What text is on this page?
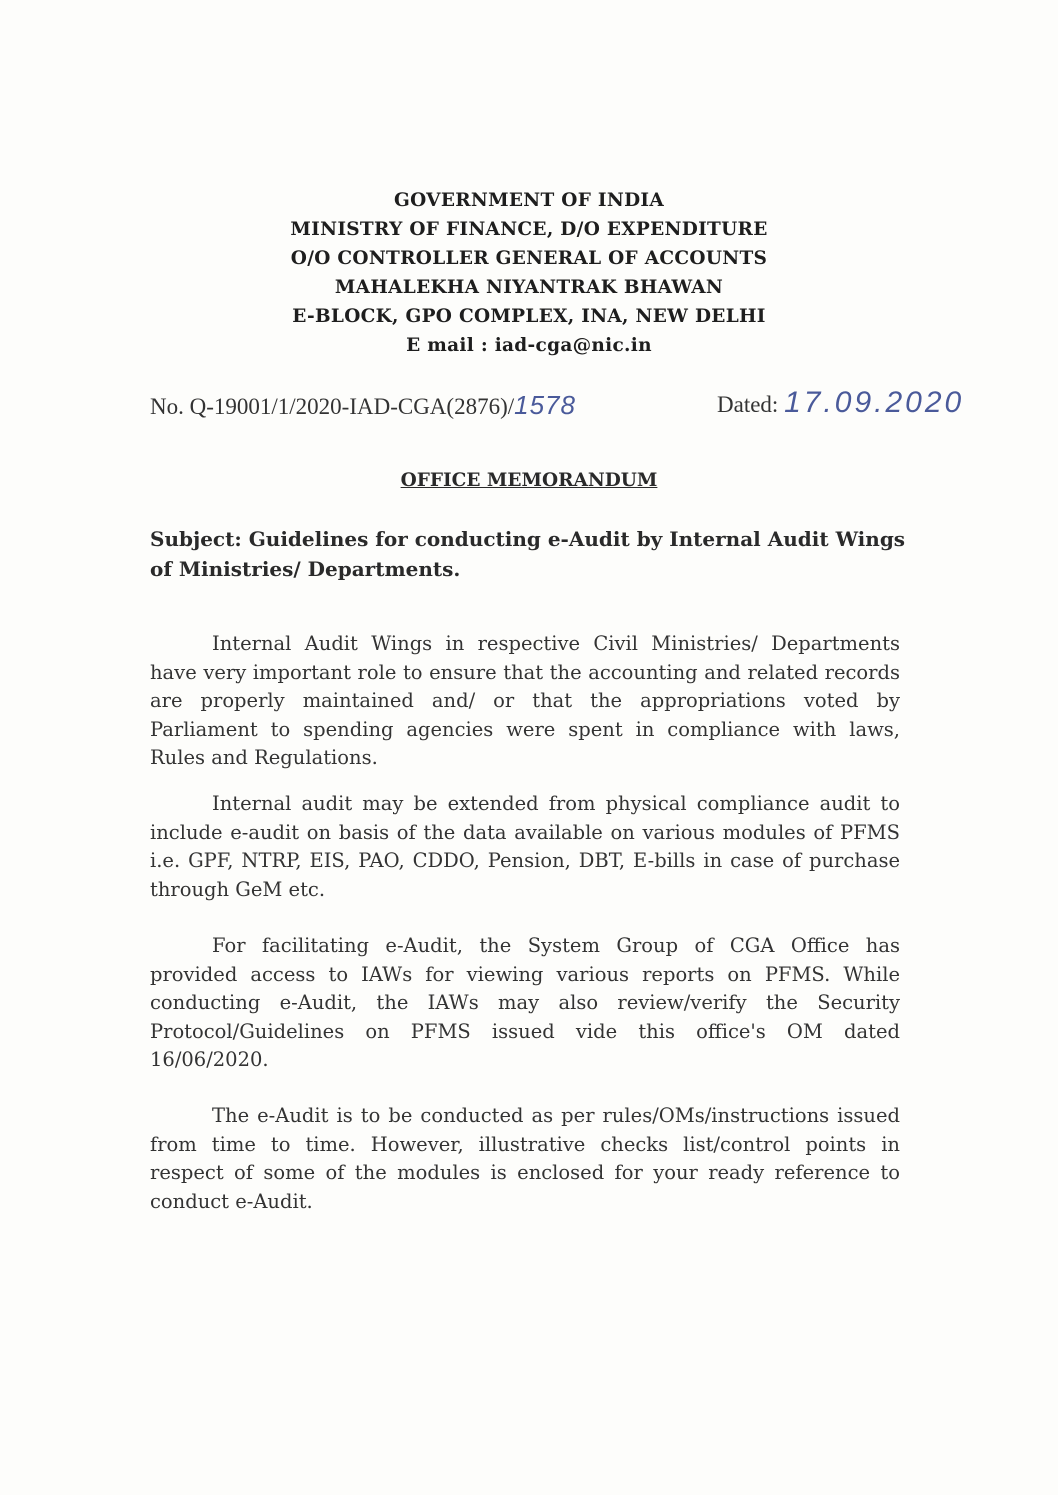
GOVERNMENT OF INDIA
MINISTRY OF FINANCE, D/O EXPENDITURE
O/O CONTROLLER GENERAL OF ACCOUNTS
MAHALEKHA NIYANTRAK BHAWAN
E-BLOCK, GPO COMPLEX, INA, NEW DELHI
E mail : iad-cga@nic.in
No. Q-19001/1/2020-IAD-CGA(2876)/1578	Dated: 17.09.2020
OFFICE MEMORANDUM
Subject: Guidelines for conducting e-Audit by Internal Audit Wings of Ministries/ Departments.
Internal Audit Wings in respective Civil Ministries/ Departments have very important role to ensure that the accounting and related records are properly maintained and/ or that the appropriations voted by Parliament to spending agencies were spent in compliance with laws, Rules and Regulations.
Internal audit may be extended from physical compliance audit to include e-audit on basis of the data available on various modules of PFMS i.e. GPF, NTRP, EIS, PAO, CDDO, Pension, DBT, E-bills in case of purchase through GeM etc.
For facilitating e-Audit, the System Group of CGA Office has provided access to IAWs for viewing various reports on PFMS. While conducting e-Audit, the IAWs may also review/verify the Security Protocol/Guidelines on PFMS issued vide this office's OM dated 16/06/2020.
The e-Audit is to be conducted as per rules/OMs/instructions issued from time to time. However, illustrative checks list/control points in respect of some of the modules is enclosed for your ready reference to conduct e-Audit.
